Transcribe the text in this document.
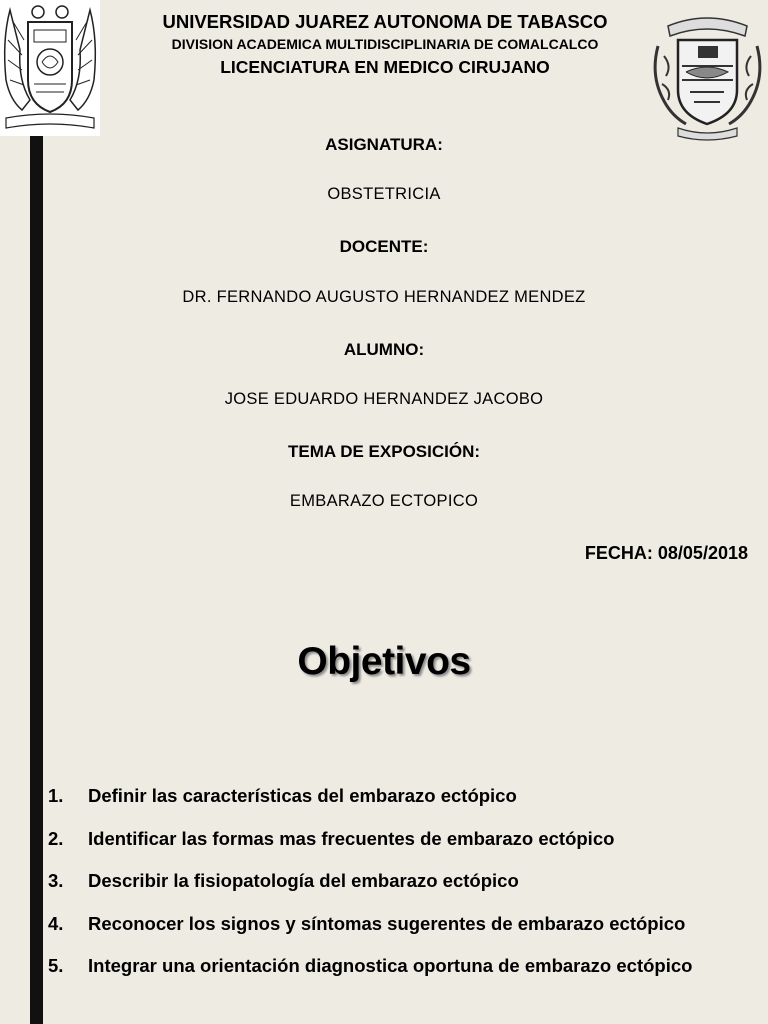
UNIVERSIDAD JUAREZ AUTONOMA DE TABASCO
DIVISION ACADEMICA MULTIDISCIPLINARIA DE COMALCALCO
LICENCIATURA EN MEDICO CIRUJANO
ASIGNATURA:
OBSTETRICIA
DOCENTE:
DR. FERNANDO AUGUSTO HERNANDEZ MENDEZ
ALUMNO:
JOSE EDUARDO HERNANDEZ JACOBO
TEMA DE EXPOSICIÓN:
EMBARAZO ECTOPICO
FECHA: 08/05/2018
Objetivos
1.	Definir las características del embarazo ectópico
2.	Identificar las formas mas frecuentes de embarazo ectópico
3.	Describir la fisiopatología del embarazo ectópico
4.	Reconocer los signos y síntomas sugerentes de embarazo ectópico
5.	Integrar una orientación diagnostica oportuna de embarazo ectópico
